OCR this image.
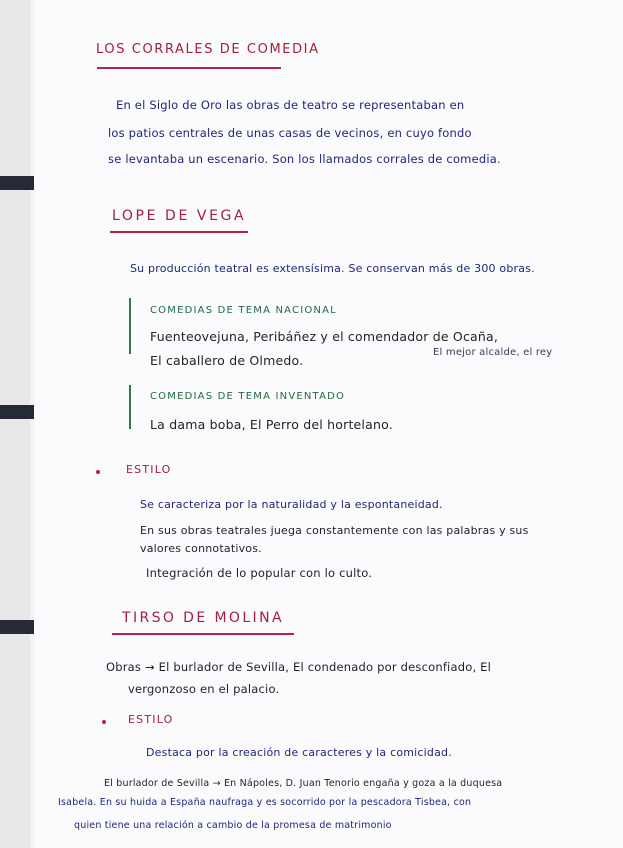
LOS CORRALES DE COMEDIA
En el Siglo de Oro las obras de teatro se representaban en
los patios centrales de unas casas de vecinos, en cuyo fondo
se levantaba un escenario. Son los llamados corrales de comedia.
LOPE DE VEGA
Su producción teatral es extensísima. Se conservan más de 300 obras.
COMEDIAS DE TEMA NACIONAL
Fuenteovejuna, Peribáñez y el comendador de Ocaña,
El mejor alcalde, el rey
El caballero de Olmedo.
COMEDIAS DE TEMA INVENTADO
La dama boba, El Perro del hortelano.
ESTILO
Se caracteriza por la naturalidad y la espontaneidad.
En sus obras teatrales juega constantemente con las palabras y sus
valores connotativos.
Integración de lo popular con lo culto.
TIRSO DE MOLINA
Obras → El burlador de Sevilla, El condenado por desconfiado, El
vergonzoso en el palacio.
ESTILO
Destaca por la creación de caracteres y la comicidad.
El burlador de Sevilla → En Nápoles, D. Juan Tenorio engaña y goza a la duquesa
Isabela. En su huida a España naufraga y es socorrido por la pescadora Tisbea, con
quien tiene una relación a cambio de la promesa de matrimonio
